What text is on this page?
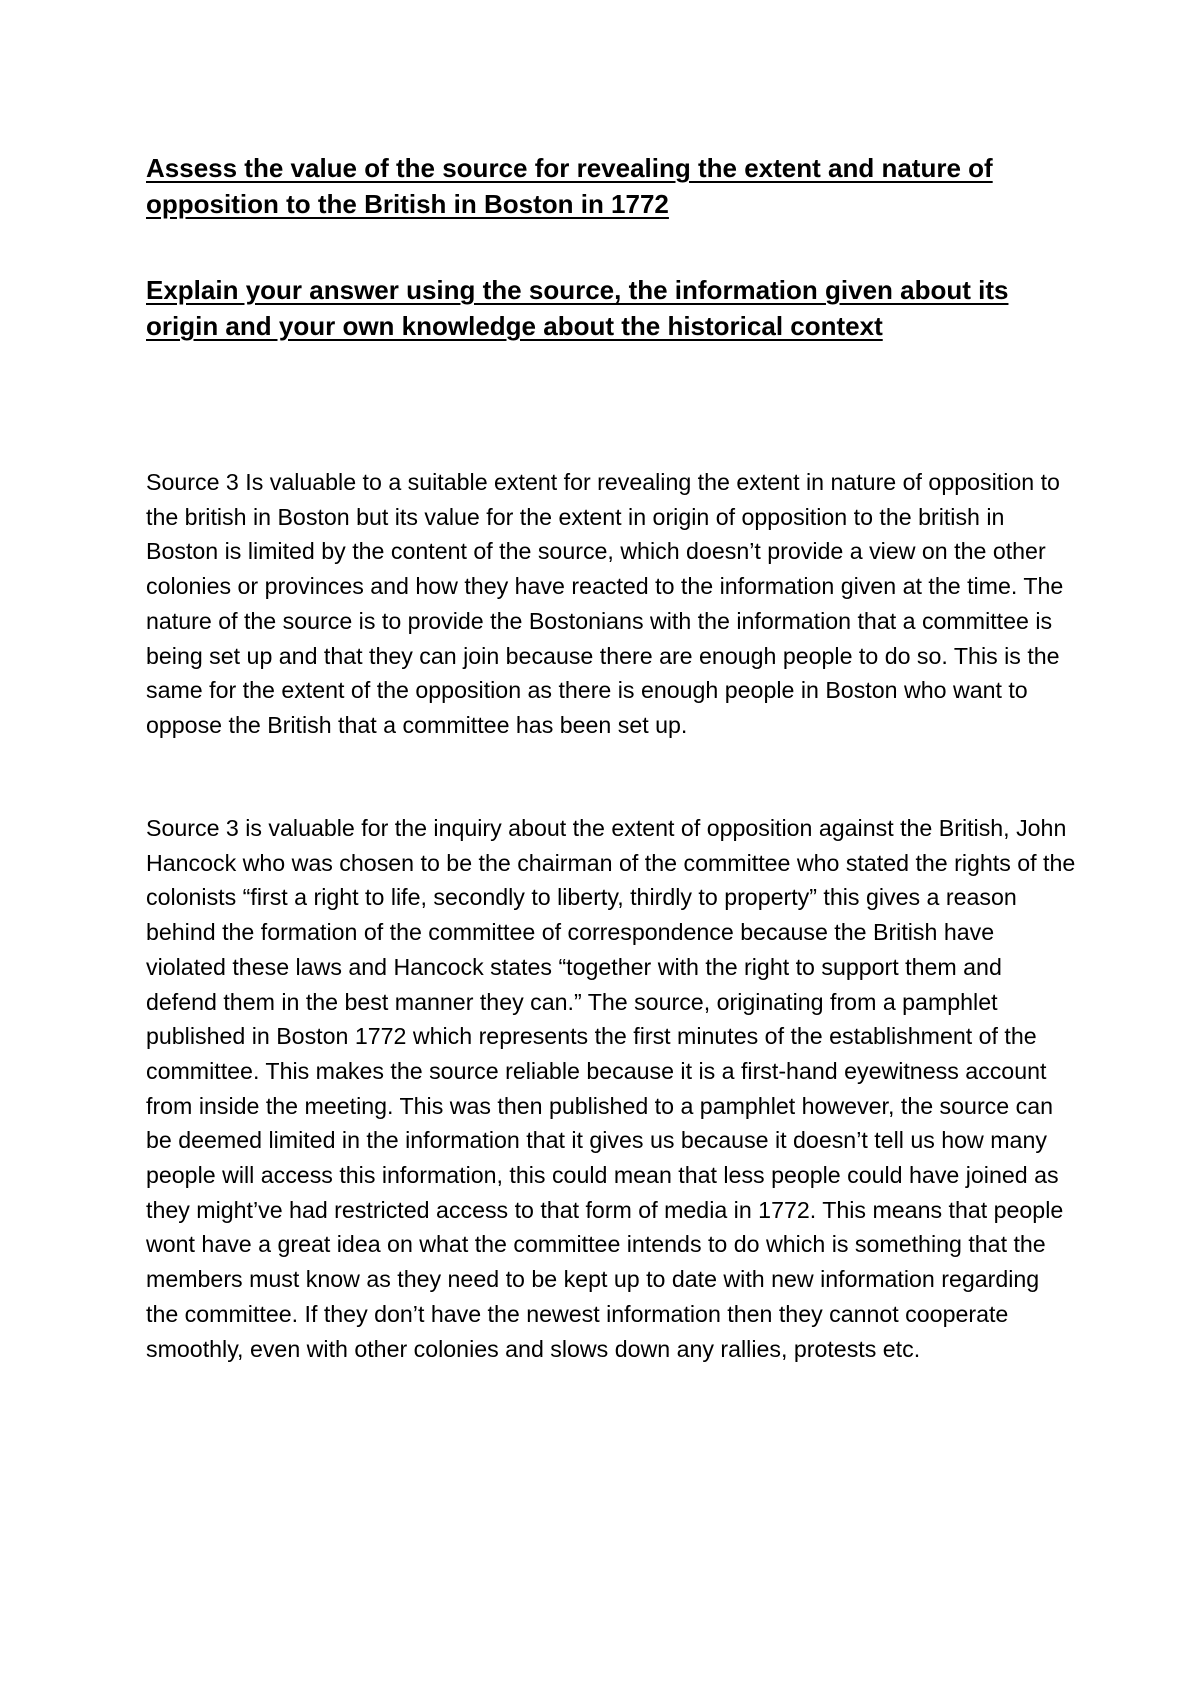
Assess the value of the source for revealing the extent and nature of opposition to the British in Boston in 1772

Explain your answer using the source, the information given about its origin and your own knowledge about the historical context

Source 3 Is valuable to a suitable extent for revealing the extent in nature of opposition to the british in Boston but its value for the extent in origin of opposition to the british in Boston is limited by the content of the source, which doesn’t provide a view on the other colonies or provinces and how they have reacted to the information given at the time. The nature of the source is to provide the Bostonians with the information that a committee is being set up and that they can join because there are enough people to do so. This is the same for the extent of the opposition as there is enough people in Boston who want to oppose the British that a committee has been set up.

Source 3 is valuable for the inquiry about the extent of opposition against the British, John Hancock who was chosen to be the chairman of the committee who stated the rights of the colonists “first a right to life, secondly to liberty, thirdly to property” this gives a reason behind the formation of the committee of correspondence because the British have violated these laws and Hancock states “together with the right to support them and defend them in the best manner they can.” The source, originating from a pamphlet published in Boston 1772 which represents the first minutes of the establishment of the committee. This makes the source reliable because it is a first-hand eyewitness account from inside the meeting. This was then published to a pamphlet however, the source can be deemed limited in the information that it gives us because it doesn’t tell us how many people will access this information, this could mean that less people could have joined as they might’ve had restricted access to that form of media in 1772. This means that people wont have a great idea on what the committee intends to do which is something that the members must know as they need to be kept up to date with new information regarding the committee. If they don’t have the newest information then they cannot cooperate smoothly, even with other colonies and slows down any rallies, protests etc.
